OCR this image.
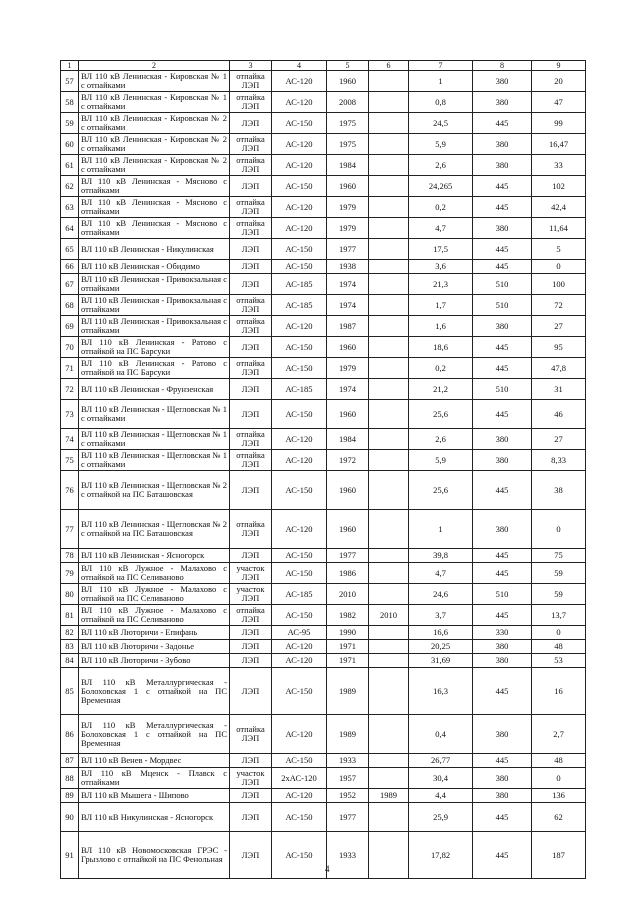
1	2	3	4	5	6	7	8	9
57	ВЛ 110 кВ Ленинская - Кировская № 1 с отпайками	отпайка ЛЭП	АС-120	1960		1	380	20
58	ВЛ 110 кВ Ленинская - Кировская № 1 с отпайками	отпайка ЛЭП	АС-120	2008		0,8	380	47
59	ВЛ 110 кВ Ленинская - Кировская № 2 с отпайками	ЛЭП	АС-150	1975		24,5	445	99
60	ВЛ 110 кВ Ленинская - Кировская № 2 с отпайками	отпайка ЛЭП	АС-120	1975		5,9	380	16,47
61	ВЛ 110 кВ Ленинская - Кировская № 2 с отпайками	отпайка ЛЭП	АС-120	1984		2,6	380	33
62	ВЛ 110 кВ Ленинская - Мясново с отпайками	ЛЭП	АС-150	1960		24,265	445	102
63	ВЛ 110 кВ Ленинская - Мясново с отпайками	отпайка ЛЭП	АС-120	1979		0,2	445	42,4
64	ВЛ 110 кВ Ленинская - Мясново с отпайками	отпайка ЛЭП	АС-120	1979		4,7	380	11,64
65	ВЛ 110 кВ Ленинская - Никулинская	ЛЭП	АС-150	1977		17,5	445	5
66	ВЛ 110 кВ Ленинская - Обидимо	ЛЭП	АС-150	1938		3,6	445	0
67	ВЛ 110 кВ Ленинская - Привокзальная с отпайками	ЛЭП	АС-185	1974		21,3	510	100
68	ВЛ 110 кВ Ленинская - Привокзальная с отпайками	отпайка ЛЭП	АС-185	1974		1,7	510	72
69	ВЛ 110 кВ Ленинская - Привокзальная с отпайками	отпайка ЛЭП	АС-120	1987		1,6	380	27
70	ВЛ 110 кВ Ленинская - Ратово с отпайкой на ПС Барсуки	ЛЭП	АС-150	1960		18,6	445	95
71	ВЛ 110 кВ Ленинская - Ратово с отпайкой на ПС Барсуки	отпайка ЛЭП	АС-150	1979		0,2	445	47,8
72	ВЛ 110 кВ Ленинская - Фрунзенская	ЛЭП	АС-185	1974		21,2	510	31
73	ВЛ 110 кВ Ленинская - Щегловская № 1 с отпайками	ЛЭП	АС-150	1960		25,6	445	46
74	ВЛ 110 кВ Ленинская - Щегловская № 1 с отпайками	отпайка ЛЭП	АС-120	1984		2,6	380	27
75	ВЛ 110 кВ Ленинская - Щегловская № 1 с отпайками	отпайка ЛЭП	АС-120	1972		5,9	380	8,33
76	ВЛ 110 кВ Ленинская - Щегловская № 2 с отпайкой на ПС Баташовская	ЛЭП	АС-150	1960		25,6	445	38
77	ВЛ 110 кВ Ленинская - Щегловская № 2 с отпайкой на ПС Баташовская	отпайка ЛЭП	АС-120	1960		1	380	0
78	ВЛ 110 кВ Ленинская - Ясногорск	ЛЭП	АС-150	1977		39,8	445	75
79	ВЛ 110 кВ Лужное - Малахово с отпайкой на ПС Селиваново	участок ЛЭП	АС-150	1986		4,7	445	59
80	ВЛ 110 кВ Лужное - Малахово с отпайкой на ПС Селиваново	участок ЛЭП	АС-185	2010		24,6	510	59
81	ВЛ 110 кВ Лужное - Малахово с отпайкой на ПС Селиваново	отпайка ЛЭП	АС-150	1982	2010	3,7	445	13,7
82	ВЛ 110 кВ Люторичи - Епифань	ЛЭП	АС-95	1990		16,6	330	0
83	ВЛ 110 кВ Люторичи - Задонье	ЛЭП	АС-120	1971		20,25	380	48
84	ВЛ 110 кВ Люторичи - Зубово	ЛЭП	АС-120	1971		31,69	380	53
85	ВЛ 110 кВ Металлургическая - Болоховская 1 с отпайкой на ПС Временная	ЛЭП	АС-150	1989		16,3	445	16
86	ВЛ 110 кВ Металлургическая - Болоховская 1 с отпайкой на ПС Временная	отпайка ЛЭП	АС-120	1989		0,4	380	2,7
87	ВЛ 110 кВ Венев - Мордвес	ЛЭП	АС-150	1933		26,77	445	48
88	ВЛ 110 кВ Мценск - Плавск с отпайками	участок ЛЭП	2хАС-120	1957		30,4	380	0
89	ВЛ 110 кВ Мышега - Шипово	ЛЭП	АС-120	1952	1989	4,4	380	136
90	ВЛ 110 кВ Никулинская - Ясногорск	ЛЭП	АС-150	1977		25,9	445	62
91	ВЛ 110 кВ Новомосковская ГРЭС - Грызлово с отпайкой на ПС Фенольная	ЛЭП	АС-150	1933		17,82	445	187
4
